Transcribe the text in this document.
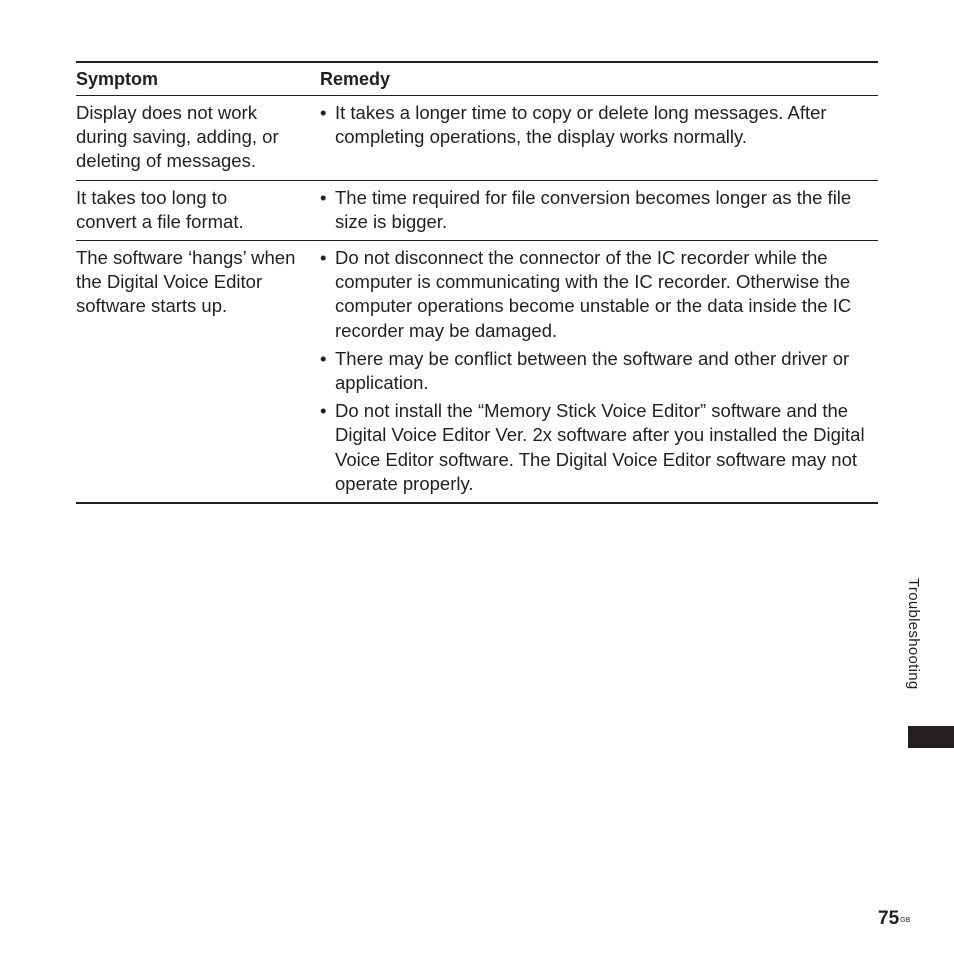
Symptom	Remedy
Display does not work
during saving, adding, or
deleting of messages.
• It takes a longer time to copy or delete long messages. After completing operations, the display works normally.
It takes too long to
convert a file format.
• The time required for file conversion becomes longer as the file size is bigger.
The software ‘hangs’ when
the Digital Voice Editor
software starts up.
• Do not disconnect the connector of the IC recorder while the computer is communicating with the IC recorder. Otherwise the computer operations become unstable or the data inside the IC recorder may be damaged.
• There may be conflict between the software and other driver or application.
• Do not install the “Memory Stick Voice Editor” software and the Digital Voice Editor Ver. 2x software after you installed the Digital Voice Editor software. The Digital Voice Editor software may not operate properly.
Troubleshooting
$75^{GB}$
